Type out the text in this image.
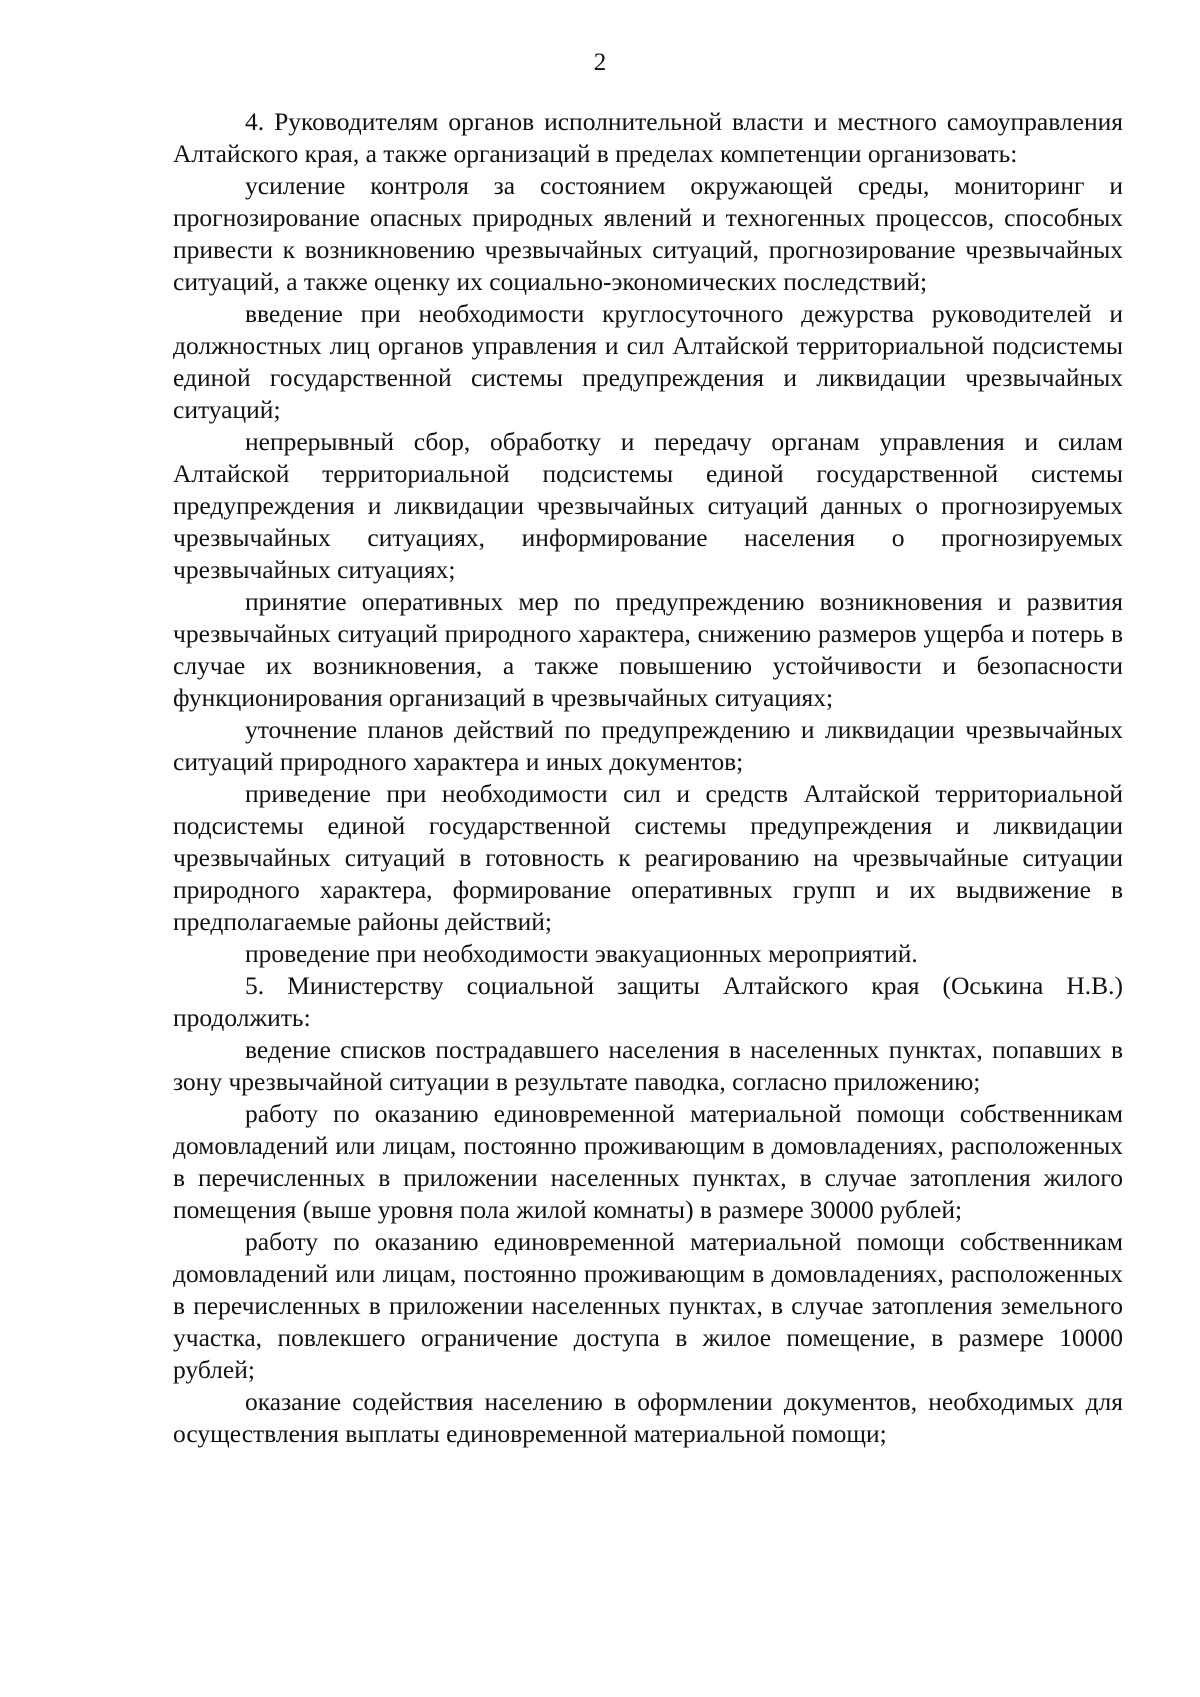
2

4. Руководителям органов исполнительной власти и местного самоуправления Алтайского края, а также организаций в пределах компетенции организовать:

усиление контроля за состоянием окружающей среды, мониторинг и прогнозирование опасных природных явлений и техногенных процессов, способных привести к возникновению чрезвычайных ситуаций, прогнозирование чрезвычайных ситуаций, а также оценку их социально-экономических последствий;

введение при необходимости круглосуточного дежурства руководителей и должностных лиц органов управления и сил Алтайской территориальной подсистемы единой государственной системы предупреждения и ликвидации чрезвычайных ситуаций;

непрерывный сбор, обработку и передачу органам управления и силам Алтайской территориальной подсистемы единой государственной системы предупреждения и ликвидации чрезвычайных ситуаций данных о прогнозируемых чрезвычайных ситуациях, информирование населения о прогнозируемых чрезвычайных ситуациях;

принятие оперативных мер по предупреждению возникновения и развития чрезвычайных ситуаций природного характера, снижению размеров ущерба и потерь в случае их возникновения, а также повышению устойчивости и безопасности функционирования организаций в чрезвычайных ситуациях;

уточнение планов действий по предупреждению и ликвидации чрезвычайных ситуаций природного характера и иных документов;

приведение при необходимости сил и средств Алтайской территориальной подсистемы единой государственной системы предупреждения и ликвидации чрезвычайных ситуаций в готовность к реагированию на чрезвычайные ситуации природного характера, формирование оперативных групп и их выдвижение в предполагаемые районы действий;

проведение при необходимости эвакуационных мероприятий.

5. Министерству социальной защиты Алтайского края (Оськина Н.В.) продолжить:

ведение списков пострадавшего населения в населенных пунктах, попавших в зону чрезвычайной ситуации в результате паводка, согласно приложению;

работу по оказанию единовременной материальной помощи собственникам домовладений или лицам, постоянно проживающим в домовладениях, расположенных в перечисленных в приложении населенных пунктах, в случае затопления жилого помещения (выше уровня пола жилой комнаты) в размере 30000 рублей;

работу по оказанию единовременной материальной помощи собственникам домовладений или лицам, постоянно проживающим в домовладениях, расположенных в перечисленных в приложении населенных пунктах, в случае затопления земельного участка, повлекшего ограничение доступа в жилое помещение, в размере 10000 рублей;

оказание содействия населению в оформлении документов, необходимых для осуществления выплаты единовременной материальной помощи;
